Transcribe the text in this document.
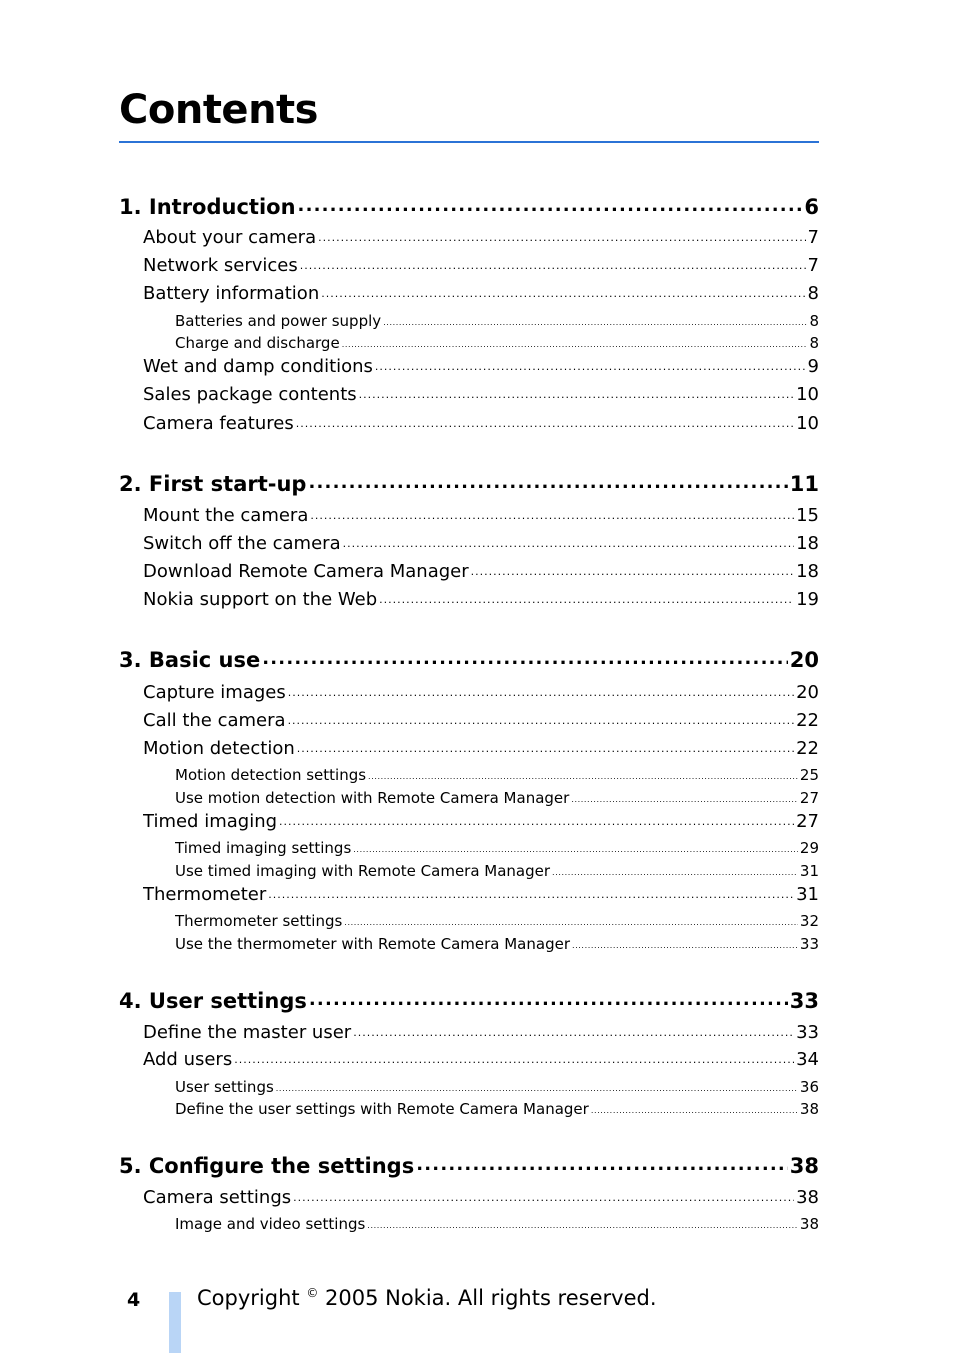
Contents
1. Introduction .....	6
About your camera .....	7
Network services .....	7
Battery information .....	8
Batteries and power supply .....	8
Charge and discharge .....	8
Wet and damp conditions .....	9
Sales package contents .....	10
Camera features .....	10
2. First start-up .....	11
Mount the camera .....	15
Switch off the camera .....	18
Download Remote Camera Manager .....	18
Nokia support on the Web .....	19
3. Basic use .....	20
Capture images .....	20
Call the camera .....	22
Motion detection .....	22
Motion detection settings .....	25
Use motion detection with Remote Camera Manager .....	27
Timed imaging .....	27
Timed imaging settings .....	29
Use timed imaging with Remote Camera Manager .....	31
Thermometer .....	31
Thermometer settings .....	32
Use the thermometer with Remote Camera Manager .....	33
4. User settings .....	33
Define the master user .....	33
Add users .....	34
User settings .....	36
Define the user settings with Remote Camera Manager .....	38
5. Configure the settings .....	38
Camera settings .....	38
Image and video settings .....	38
4	Copyright © 2005 Nokia. All rights reserved.
